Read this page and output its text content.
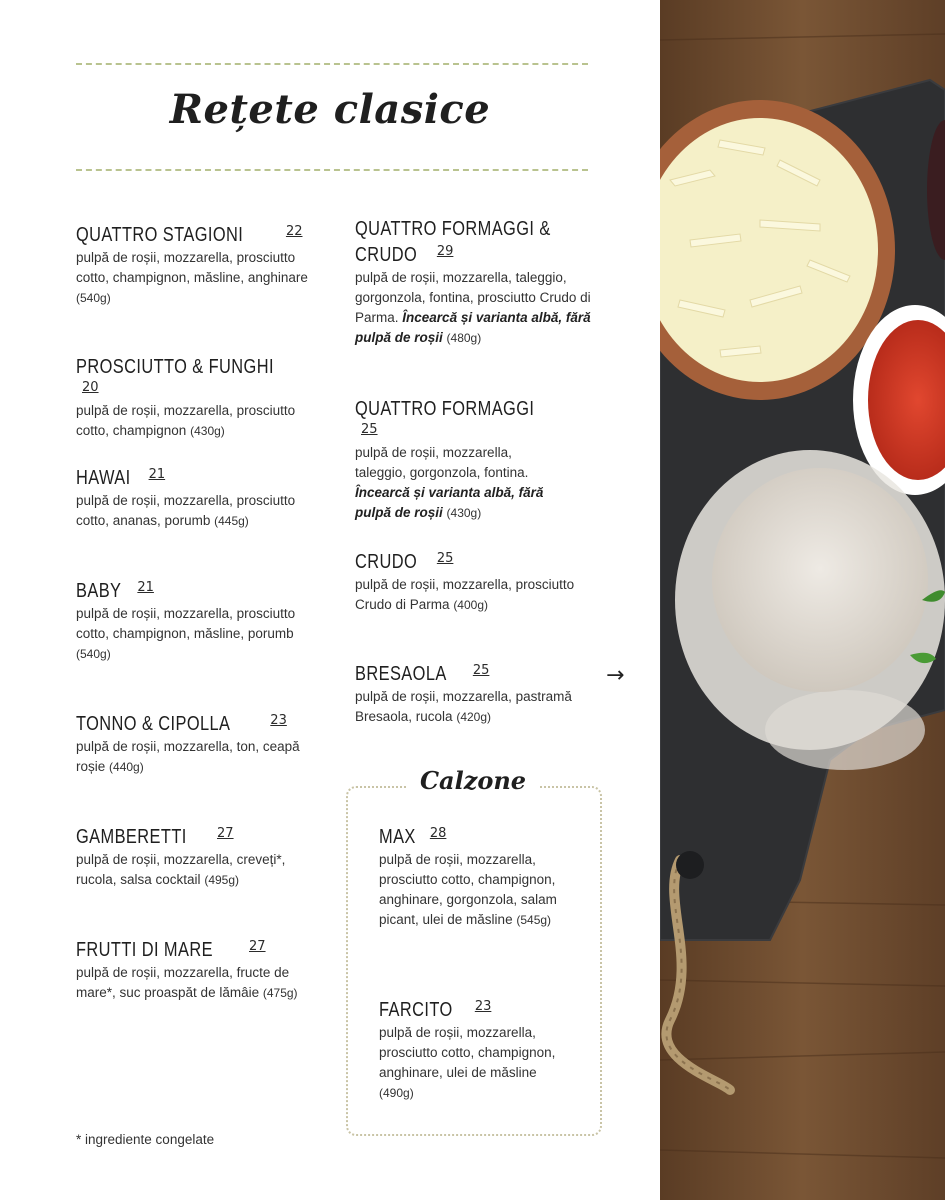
Rețete clasice
QUATTRO STAGIONI	$^{22}$
pulpă de roșii, mozzarella, prosciutto cotto, champignon, măsline, anghinare (540g)
PROSCIUTTO & FUNGHI$^{20}$
pulpă de roșii, mozzarella, prosciutto cotto, champignon (430g)
HAWAI $^{21}$
pulpă de roșii, mozzarella, prosciutto cotto, ananas, porumb (445g)
BABY $^{21}$
pulpă de roșii, mozzarella, prosciutto cotto, champignon, măsline, porumb (540g)
TONNO & CIPOLLA	$^{23}$
pulpă de roșii, mozzarella, ton, ceapă roșie (440g)
GAMBERETTI $^{27}$
pulpă de roșii, mozzarella, creveți*, rucola, salsa cocktail (495g)
FRUTTI DI MARE	$^{27}$
pulpă de roșii, mozzarella, fructe de mare*, suc proaspăt de lămâie (475g)
QUATTRO FORMAGGI &
CRUDO $^{29}$
pulpă de roșii, mozzarella, taleggio, gorgonzola, fontina, prosciutto Crudo di Parma. Încearcă și varianta albă, fără pulpă de roșii (480g)
QUATTRO FORMAGGI$^{25}$
pulpă de roșii, mozzarella, taleggio, gorgonzola, fontina. Încearcă și varianta albă, fără pulpă de roșii (430g)
CRUDO $^{25}$
pulpă de roșii, mozzarella, prosciutto Crudo di Parma (400g)
BRESAOLA $^{25}$
pulpă de roșii, mozzarella, pastramă Bresaola, rucola (420g)
→
Calzone
MAX $^{28}$
pulpă de roșii, mozzarella, prosciutto cotto, champignon, anghinare, gorgonzola, salam picant, ulei de măsline (545g)
FARCITO $^{23}$
pulpă de roșii, mozzarella, prosciutto cotto, champignon, anghinare, ulei de măsline (490g)
* ingrediente congelate
